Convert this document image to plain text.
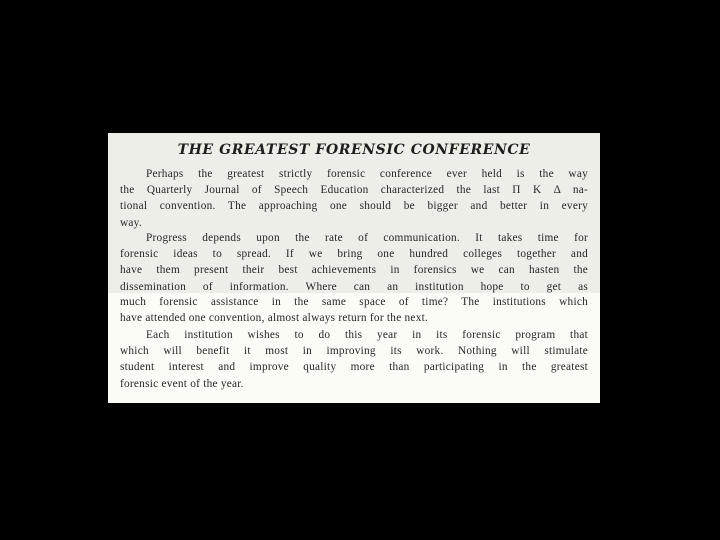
THE GREATEST FORENSIC CONFERENCE
Perhaps the greatest strictly forensic conference ever held is the way
the Quarterly Journal of Speech Education characterized the last Π K Δ na-
tional convention. The approaching one should be bigger and better in every
way.
Progress depends upon the rate of communication. It takes time for
forensic ideas to spread. If we bring one hundred colleges together and
have them present their best achievements in forensics we can hasten the
dissemination of information. Where can an institution hope to get as
much forensic assistance in the same space of time? The institutions which
have attended one convention, almost always return for the next.
Each institution wishes to do this year in its forensic program that
which will benefit it most in improving its work. Nothing will stimulate
student interest and improve quality more than participating in the greatest
forensic event of the year.
